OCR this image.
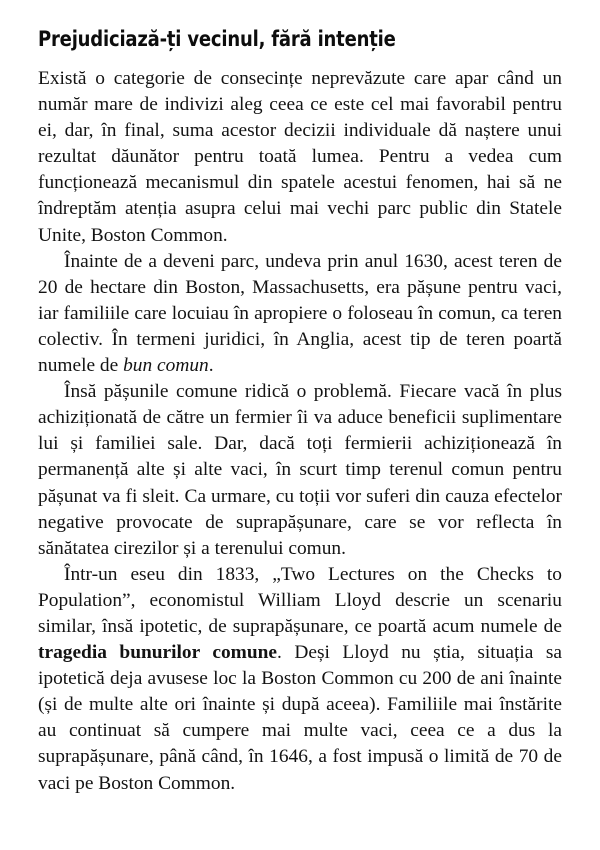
Prejudiciază-ți vecinul, fără intenție

Există o categorie de consecințe neprevăzute care apar când un număr mare de indivizi aleg ceea ce este cel mai favorabil pentru ei, dar, în final, suma acestor decizii individuale dă naștere unui rezultat dăunător pentru toată lumea. Pentru a vedea cum funcționează mecanismul din spatele acestui fenomen, hai să ne îndreptăm atenția asupra celui mai vechi parc public din Statele Unite, Boston Common.

Înainte de a deveni parc, undeva prin anul 1630, acest teren de 20 de hectare din Boston, Massachusetts, era pășune pentru vaci, iar familiile care locuiau în apropiere o foloseau în comun, ca teren colectiv. În termeni juridici, în Anglia, acest tip de teren poartă numele de bun comun.

Însă pășunile comune ridică o problemă. Fiecare vacă în plus achiziționată de către un fermier îi va aduce beneficii suplimentare lui și familiei sale. Dar, dacă toți fermierii achiziționează în permanență alte și alte vaci, în scurt timp terenul comun pentru pășunat va fi sleit. Ca urmare, cu toții vor suferi din cauza efectelor negative provocate de suprapășunare, care se vor reflecta în sănătatea cirezilor și a terenului comun.

Într-un eseu din 1833, „Two Lectures on the Checks to Population”, economistul William Lloyd descrie un scenariu similar, însă ipotetic, de suprapășunare, ce poartă acum numele de tragedia bunurilor comune. Deși Lloyd nu știa, situația sa ipotetică deja avusese loc la Boston Common cu 200 de ani înainte (și de multe alte ori înainte și după aceea). Familiile mai înstărite au continuat să cumpere mai multe vaci, ceea ce a dus la suprapășunare, până când, în 1646, a fost impusă o limită de 70 de vaci pe Boston Common.
